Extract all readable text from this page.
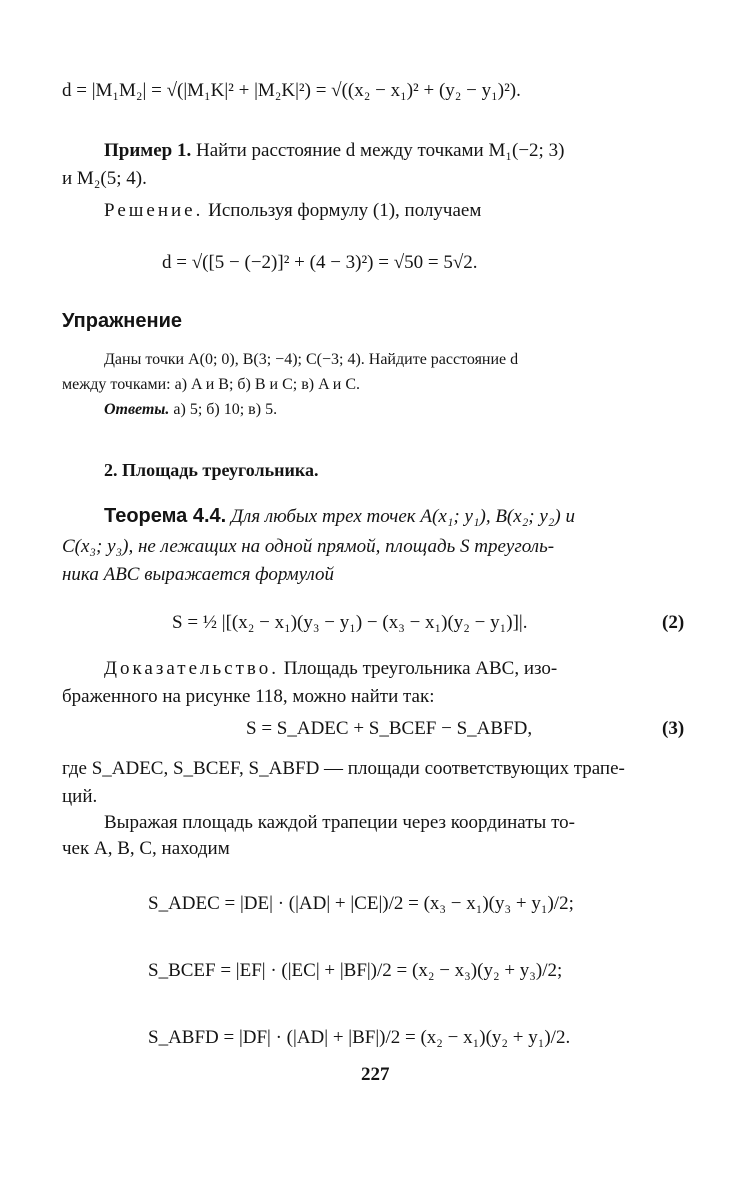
d = |M₁M₂| = √(|M₁K|² + |M₂K|²) = √((x₂ − x₁)² + (y₂ − y₁)²).
Пример 1. Найти расстояние d между точками M₁(−2; 3)
и M₂(5; 4).
Решение. Используя формулу (1), получаем
d = √([5 − (−2)]² + (4 − 3)²) = √50 = 5√2.
Упражнение
Даны точки A(0; 0), B(3; −4); C(−3; 4). Найдите расстояние d
между точками: а) A и B; б) B и C; в) A и C.
Ответы. а) 5; б) 10; в) 5.
2. Площадь треугольника.
Теорема 4.4. Для любых трех точек A(x₁; y₁), B(x₂; y₂) и
C(x₃; y₃), не лежащих на одной прямой, площадь S треуголь-
ника ABC выражается формулой
S = ½ |[(x₂ − x₁)(y₃ − y₁) − (x₃ − x₁)(y₂ − y₁)]|.	(2)
Доказательство. Площадь треугольника ABC, изо-
браженного на рисунке 118, можно найти так:
S = S_ADEC + S_BCEF − S_ABFD,	(3)
где S_ADEC, S_BCEF, S_ABFD — площади соответствующих трапе-
ций.
Выражая площадь каждой трапеции через координаты то-
чек A, B, C, находим
S_ADEC = |DE| · (|AD| + |CE|)/2 = (x₃ − x₁)(y₃ + y₁)/2;
S_BCEF = |EF| · (|EC| + |BF|)/2 = (x₂ − x₃)(y₂ + y₃)/2;
S_ABFD = |DF| · (|AD| + |BF|)/2 = (x₂ − x₁)(y₂ + y₁)/2.
227
